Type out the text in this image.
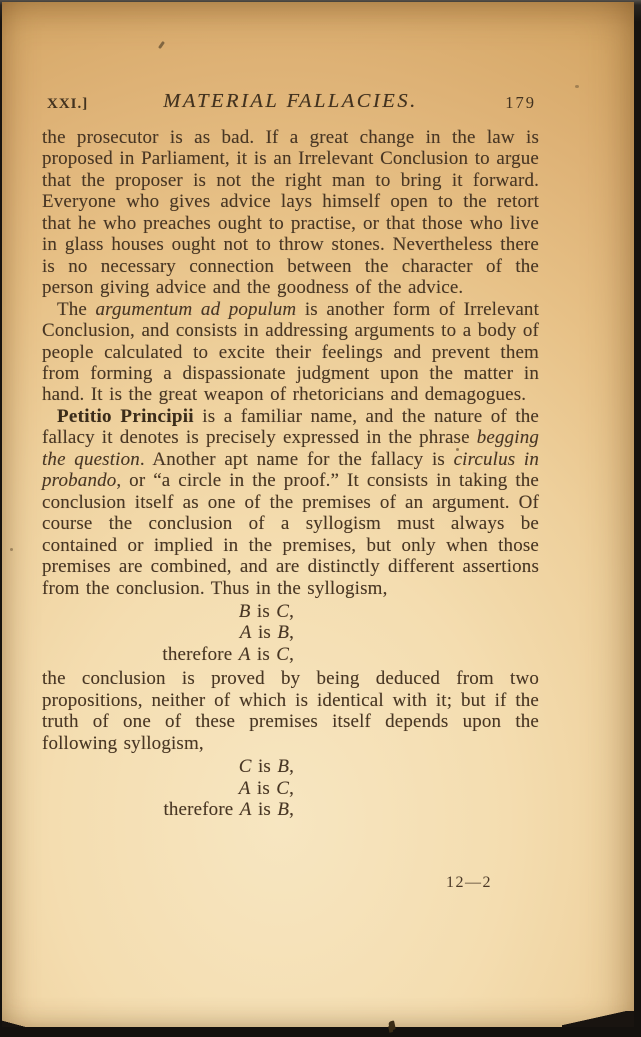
XXI.]	MATERIAL FALLACIES.	179

the prosecutor is as bad. If a great change in the law is proposed in Parliament, it is an Irrelevant Conclusion to argue that the proposer is not the right man to bring it forward. Everyone who gives advice lays himself open to the retort that he who preaches ought to practise, or that those who live in glass houses ought not to throw stones. Nevertheless there is no necessary connection between the character of the person giving advice and the goodness of the advice.

The argumentum ad populum is another form of Irrelevant Conclusion, and consists in addressing arguments to a body of people calculated to excite their feelings and prevent them from forming a dispassionate judgment upon the matter in hand. It is the great weapon of rhetoricians and demagogues.

Petitio Principii is a familiar name, and the nature of the fallacy it denotes is precisely expressed in the phrase begging the question. Another apt name for the fallacy is circulus in probando, or “a circle in the proof.” It consists in taking the conclusion itself as one of the premises of an argument. Of course the conclusion of a syllogism must always be contained or implied in the premises, but only when those premises are combined, and are distinctly different assertions from the conclusion. Thus in the syllogism,

B is C,
A is B,
therefore A is C,

the conclusion is proved by being deduced from two propositions, neither of which is identical with it; but if the truth of one of these premises itself depends upon the following syllogism,

C is B,
A is C,
therefore A is B,
12—2
